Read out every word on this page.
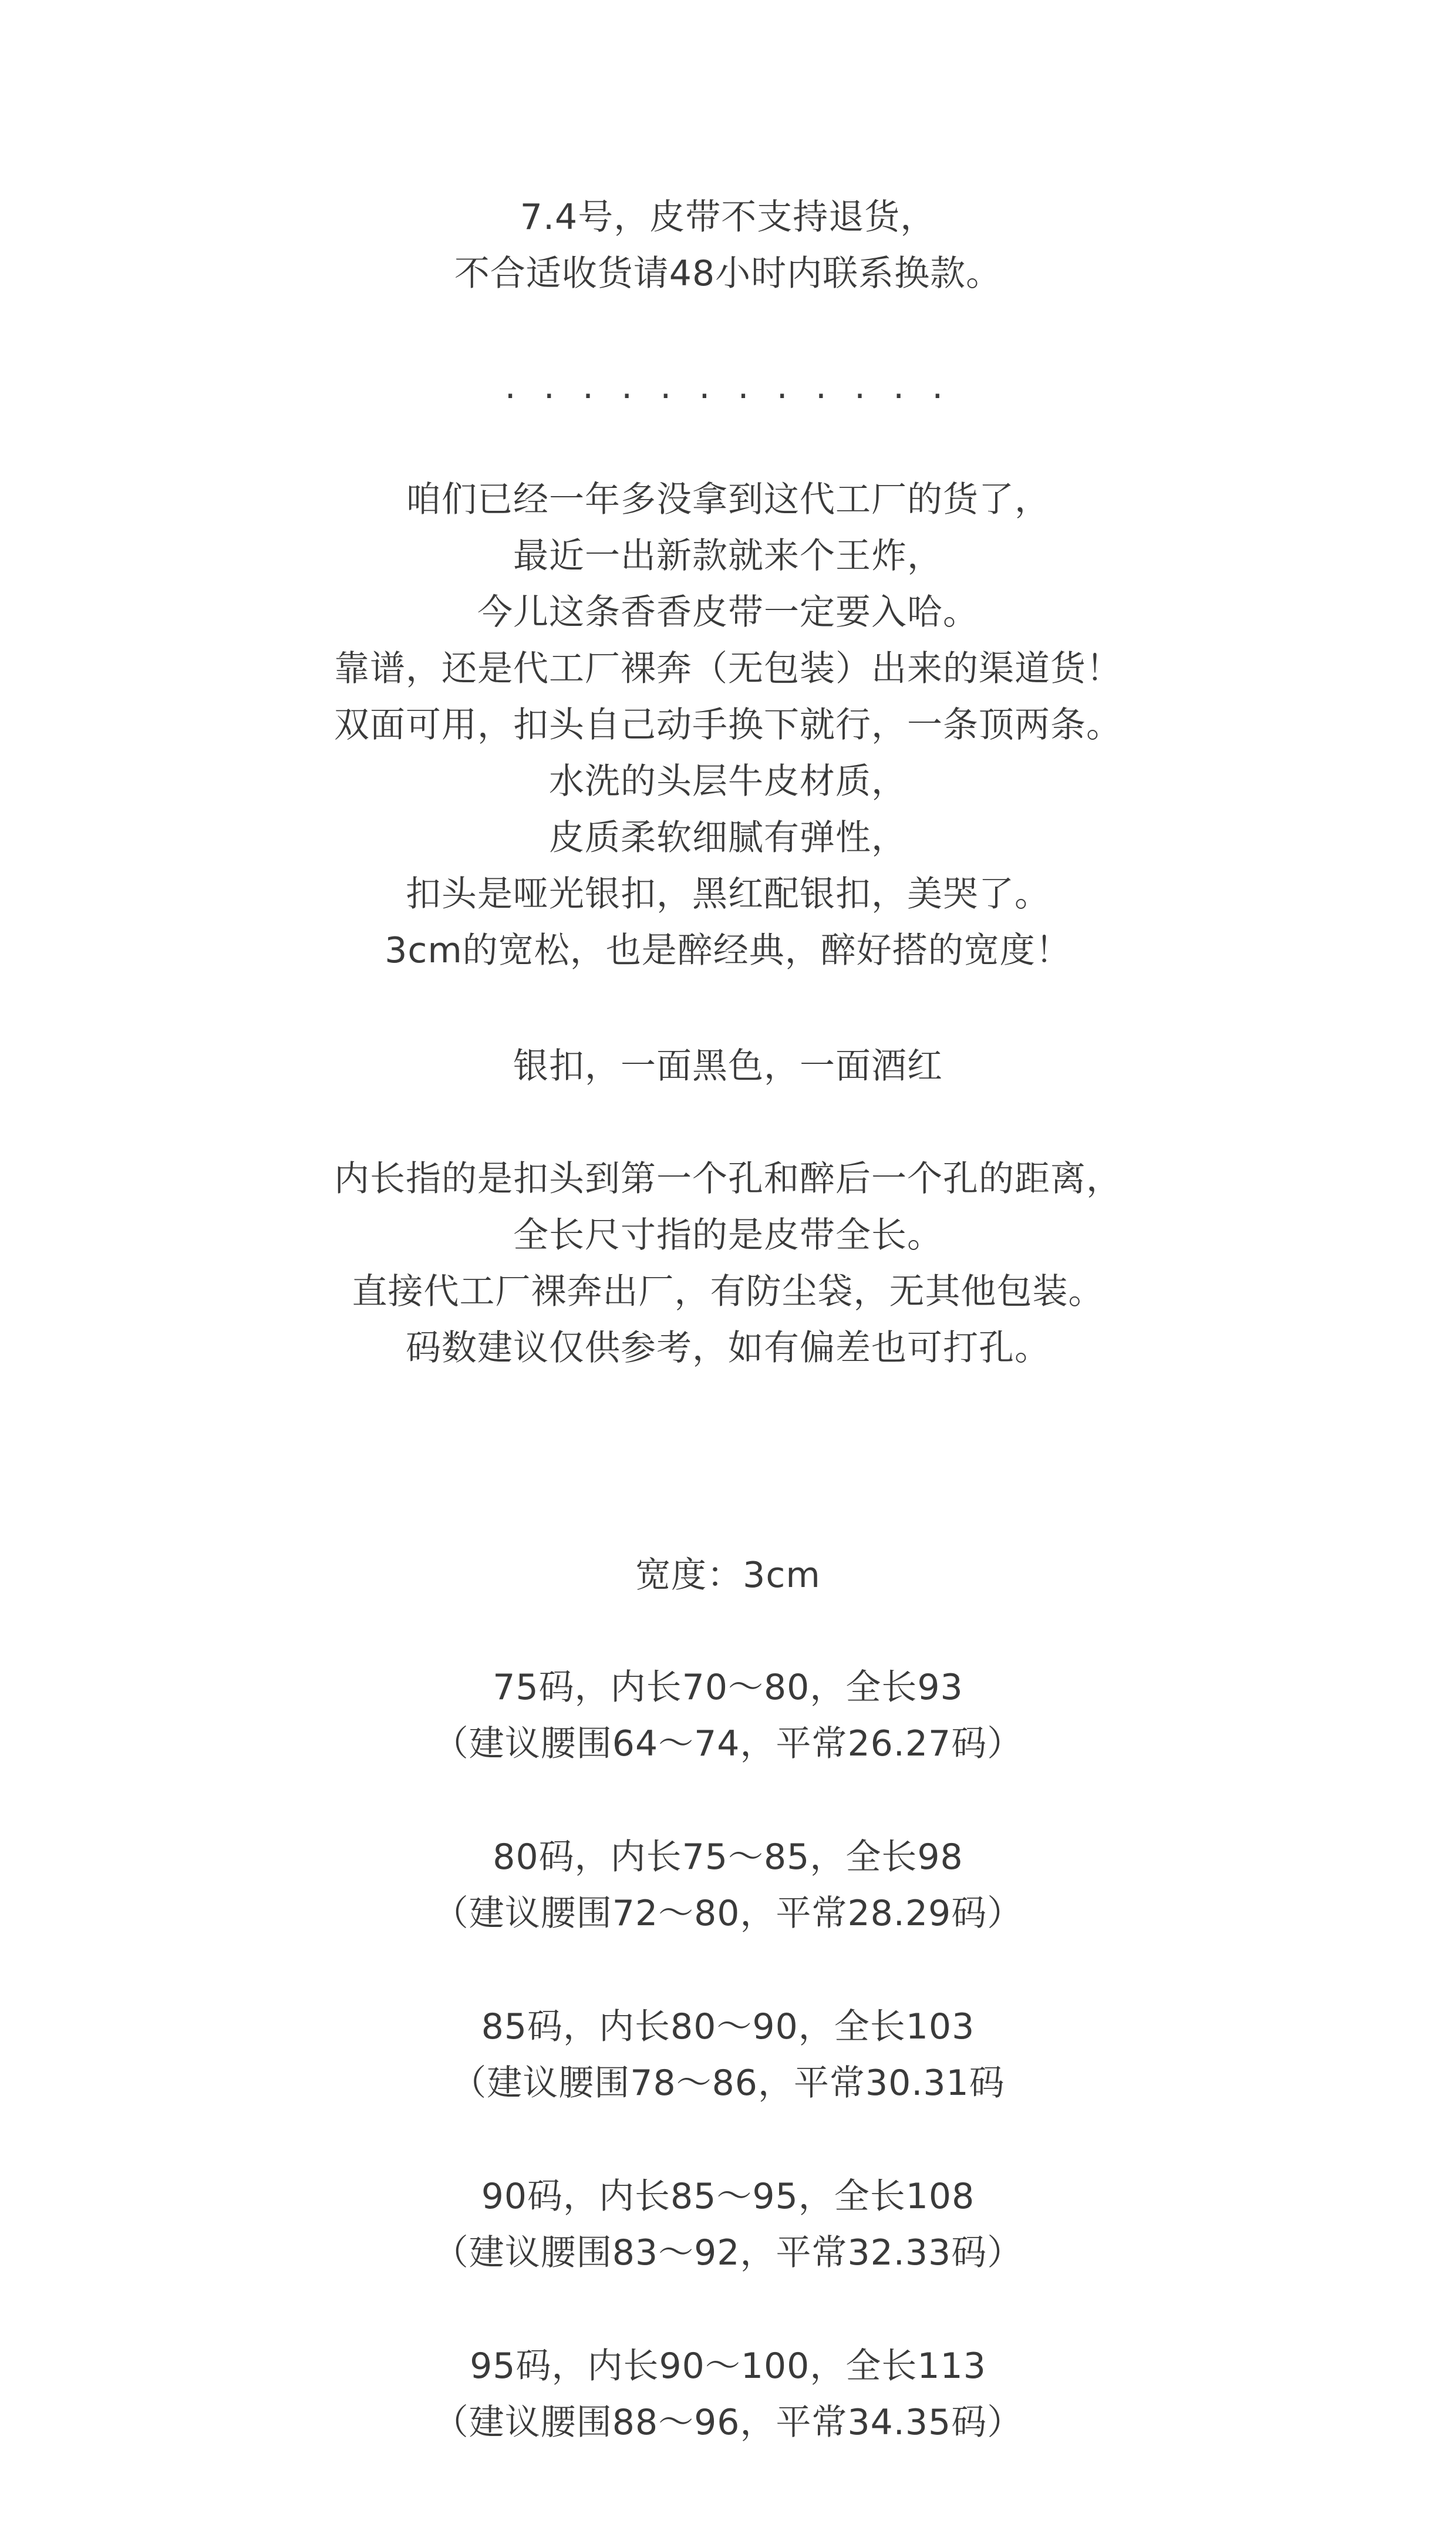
7.4号，皮带不支持退货，
不合适收货请48小时内联系换款。
. . . . . . . . . . . .
咱们已经一年多没拿到这代工厂的货了，
最近一出新款就来个王炸，
今儿这条香香皮带一定要入哈。
靠谱，还是代工厂裸奔（无包装）出来的渠道货！
双面可用，扣头自己动手换下就行，一条顶两条。
水洗的头层牛皮材质，
皮质柔软细腻有弹性，
扣头是哑光银扣，黑红配银扣，美哭了。
3cm的宽松，也是醉经典，醉好搭的宽度！
银扣，一面黑色，一面酒红
内长指的是扣头到第一个孔和醉后一个孔的距离，
全长尺寸指的是皮带全长。
直接代工厂裸奔出厂，有防尘袋，无其他包装。
码数建议仅供参考，如有偏差也可打孔。
宽度：3cm
75码，内长70～80，全长93
（建议腰围64～74，平常26.27码）
80码，内长75～85，全长98
（建议腰围72～80，平常28.29码）
85码，内长80～90，全长103
（建议腰围78～86，平常30.31码
90码，内长85～95，全长108
（建议腰围83～92，平常32.33码）
95码，内长90～100，全长113
（建议腰围88～96，平常34.35码）
